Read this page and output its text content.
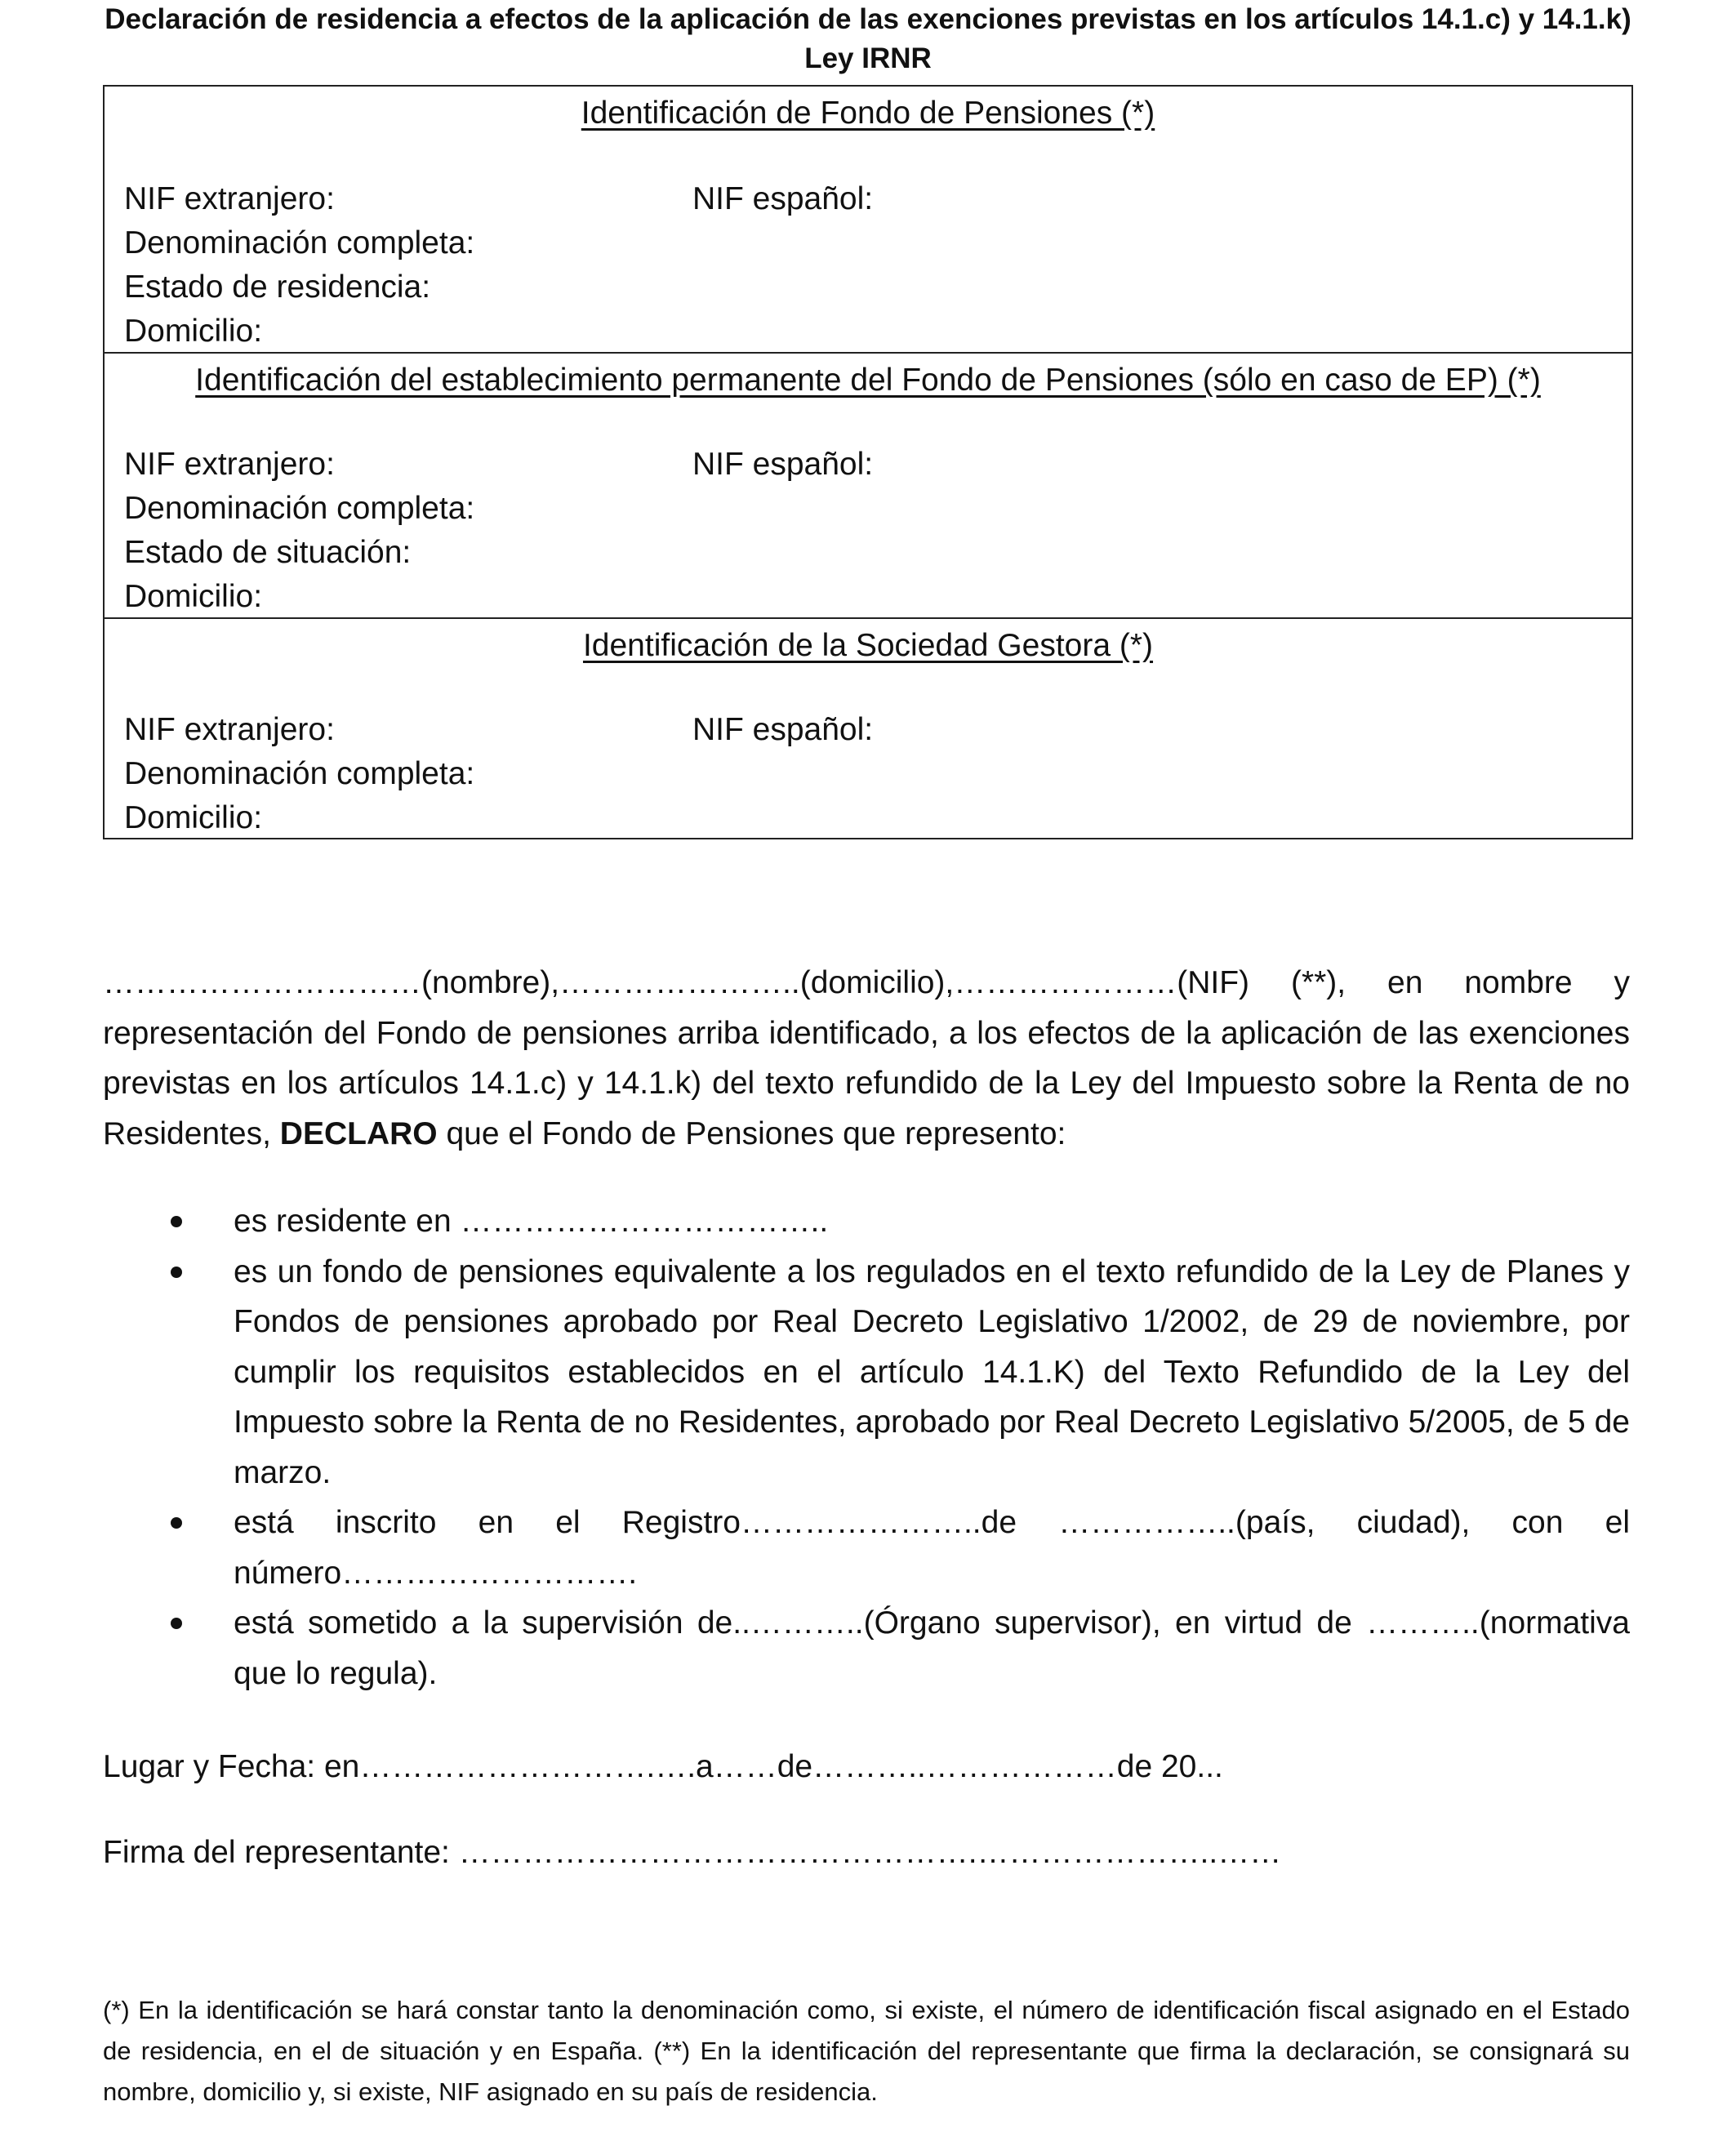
Declaración de residencia a efectos de la aplicación de las exenciones previstas en los artículos 14.1.c) y 14.1.k)
Ley IRNR
Identificación de Fondo de Pensiones (*)
NIF extranjero:	NIF español:
Denominación completa:
Estado de residencia:
Domicilio:
Identificación del establecimiento permanente del Fondo de Pensiones (sólo en caso de EP) (*)
NIF extranjero:	NIF español:
Denominación completa:
Estado de situación:
Domicilio:
Identificación de la Sociedad Gestora (*)
NIF extranjero:	NIF español:
Denominación completa:
Domicilio:

…………………………(nombre),…………………..(domicilio),…………………(NIF) (**), en nombre y representación del Fondo de pensiones arriba identificado, a los efectos de la aplicación de las exenciones previstas en los artículos 14.1.c) y 14.1.k) del texto refundido de la Ley del Impuesto sobre la Renta de no Residentes, DECLARO que el Fondo de Pensiones que represento:

es residente en ……………………………..
es un fondo de pensiones equivalente a los regulados en el texto refundido de la Ley de Planes y Fondos de pensiones aprobado por Real Decreto Legislativo 1/2002, de 29 de noviembre, por cumplir los requisitos establecidos en el artículo 14.1.K) del Texto Refundido de la Ley del Impuesto sobre la Renta de no Residentes, aprobado por Real Decreto Legislativo 5/2005, de 5 de marzo.
está inscrito en el Registro…………………..de ……………..(país, ciudad), con el número……………………….
está sometido a la supervisión de..………..(Órgano supervisor), en virtud de ………..(normativa que lo regula).
Lugar y Fecha: en……………………….….a……de………..………………de 20...
Firma del representante: ………………………………………….…………………..……

(*) En la identificación se hará constar tanto la denominación como, si existe, el número de identificación fiscal asignado en el Estado de residencia, en el de situación y en España. (**) En la identificación del representante que firma la declaración, se consignará su nombre, domicilio y, si existe, NIF asignado en su país de residencia.
